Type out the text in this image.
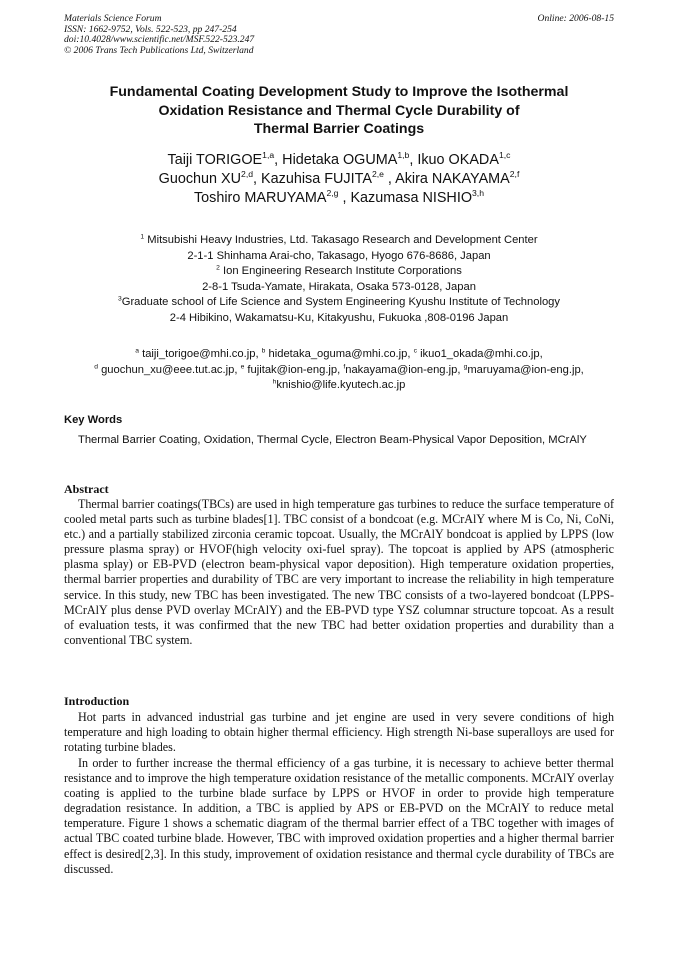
Materials Science Forum
ISSN: 1662-9752, Vols. 522-523, pp 247-254
doi:10.4028/www.scientific.net/MSF.522-523.247
© 2006 Trans Tech Publications Ltd, Switzerland
Online: 2006-08-15
Fundamental Coating Development Study to Improve the Isothermal
Oxidation Resistance and Thermal Cycle Durability of
Thermal Barrier Coatings
Taiji TORIGOE$^{1,a}$, Hidetaka OGUMA$^{1,b}$, Ikuo OKADA$^{1,c}$
Guochun XU$^{2,d}$, Kazuhisa FUJITA$^{2,e}$ , Akira NAKAYAMA$^{2,f}$
Toshiro MARUYAMA$^{2,g}$ , Kazumasa NISHIO$^{3,h}$
$^1$ Mitsubishi Heavy Industries, Ltd. Takasago Research and Development Center
2-1-1 Shinhama Arai-cho, Takasago, Hyogo 676-8686, Japan
$^2$ Ion Engineering Research Institute Corporations
2-8-1 Tsuda-Yamate, Hirakata, Osaka 573-0128, Japan
$^3$Graduate school of Life Science and System Engineering Kyushu Institute of Technology
2-4 Hibikino, Wakamatsu-Ku, Kitakyushu, Fukuoka ,808-0196 Japan
$^a$ taiji_torigoe@mhi.co.jp, $^b$ hidetaka_oguma@mhi.co.jp, $^c$ ikuo1_okada@mhi.co.jp,
$^d$ guochun_xu@eee.tut.ac.jp, $^e$ fujitak@ion-eng.jp, $^f$nakayama@ion-eng.jp, $^g$maruyama@ion-eng.jp,
$^h$knishio@life.kyutech.ac.jp
Key Words
Thermal Barrier Coating, Oxidation, Thermal Cycle, Electron Beam-Physical Vapor Deposition, MCrAlY
Abstract
Thermal barrier coatings(TBCs) are used in high temperature gas turbines to reduce the surface temperature of cooled metal parts such as turbine blades[1]. TBC consist of a bondcoat (e.g. MCrAlY where M is Co, Ni, CoNi, etc.) and a partially stabilized zirconia ceramic topcoat. Usually, the MCrAlY bondcoat is applied by LPPS (low pressure plasma spray) or HVOF(high velocity oxi-fuel spray). The topcoat is applied by APS (atmospheric plasma splay) or EB-PVD (electron beam-physical vapor deposition). High temperature oxidation properties, thermal barrier properties and durability of TBC are very important to increase the reliability in high temperature service. In this study, new TBC has been investigated. The new TBC consists of a two-layered bondcoat (LPPS-MCrAlY plus dense PVD overlay MCrAlY) and the EB-PVD type YSZ columnar structure topcoat. As a result of evaluation tests, it was confirmed that the new TBC had better oxidation properties and durability than a conventional TBC system.
Introduction
Hot parts in advanced industrial gas turbine and jet engine are used in very severe conditions of high temperature and high loading to obtain higher thermal efficiency. High strength Ni-base superalloys are used for rotating turbine blades.
In order to further increase the thermal efficiency of a gas turbine, it is necessary to achieve better thermal resistance and to improve the high temperature oxidation resistance of the metallic components. MCrAlY overlay coating is applied to the turbine blade surface by LPPS or HVOF in order to provide high temperature degradation resistance. In addition, a TBC is applied by APS or EB-PVD on the MCrAlY to reduce metal temperature. Figure 1 shows a schematic diagram of the thermal barrier effect of a TBC together with images of actual TBC coated turbine blade. However, TBC with improved oxidation properties and a higher thermal barrier effect is desired[2,3]. In this study, improvement of oxidation resistance and thermal cycle durability of TBCs are discussed.
